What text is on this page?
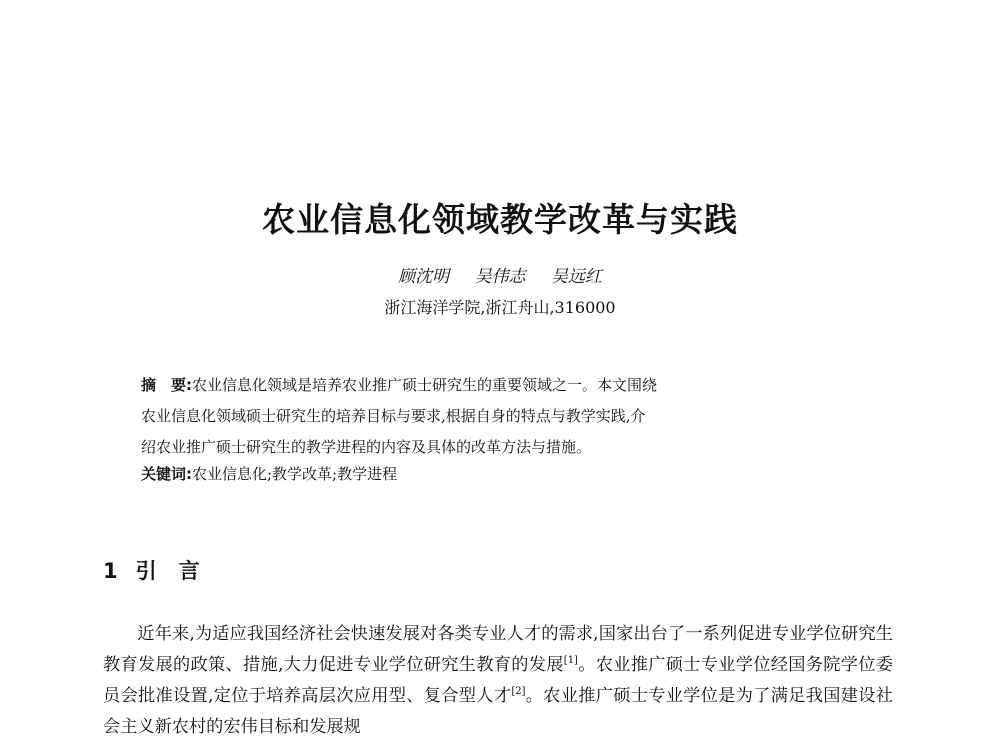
农业信息化领域教学改革与实践
顾沈明 吴伟志 吴远红
浙江海洋学院,浙江舟山,316000

摘　要:农业信息化领域是培养农业推广硕士研究生的重要领域之一。本文围绕

农业信息化领域硕士研究生的培养目标与要求,根据自身的特点与教学实践,介

绍农业推广硕士研究生的教学进程的内容及具体的改革方法与措施。

关键词:农业信息化;教学改革;教学进程
1 引言

近年来,为适应我国经济社会快速发展对各类专业人才的需求,国家出台了一系列促进专业学位研究生教育发展的政策、措施,大力促进专业学位研究生教育的发展[1]。农业推广硕士专业学位经国务院学位委员会批准设置,定位于培养高层次应用型、复合型人才[2]。农业推广硕士专业学位是为了满足我国建设社会主义新农村的宏伟目标和发展规
